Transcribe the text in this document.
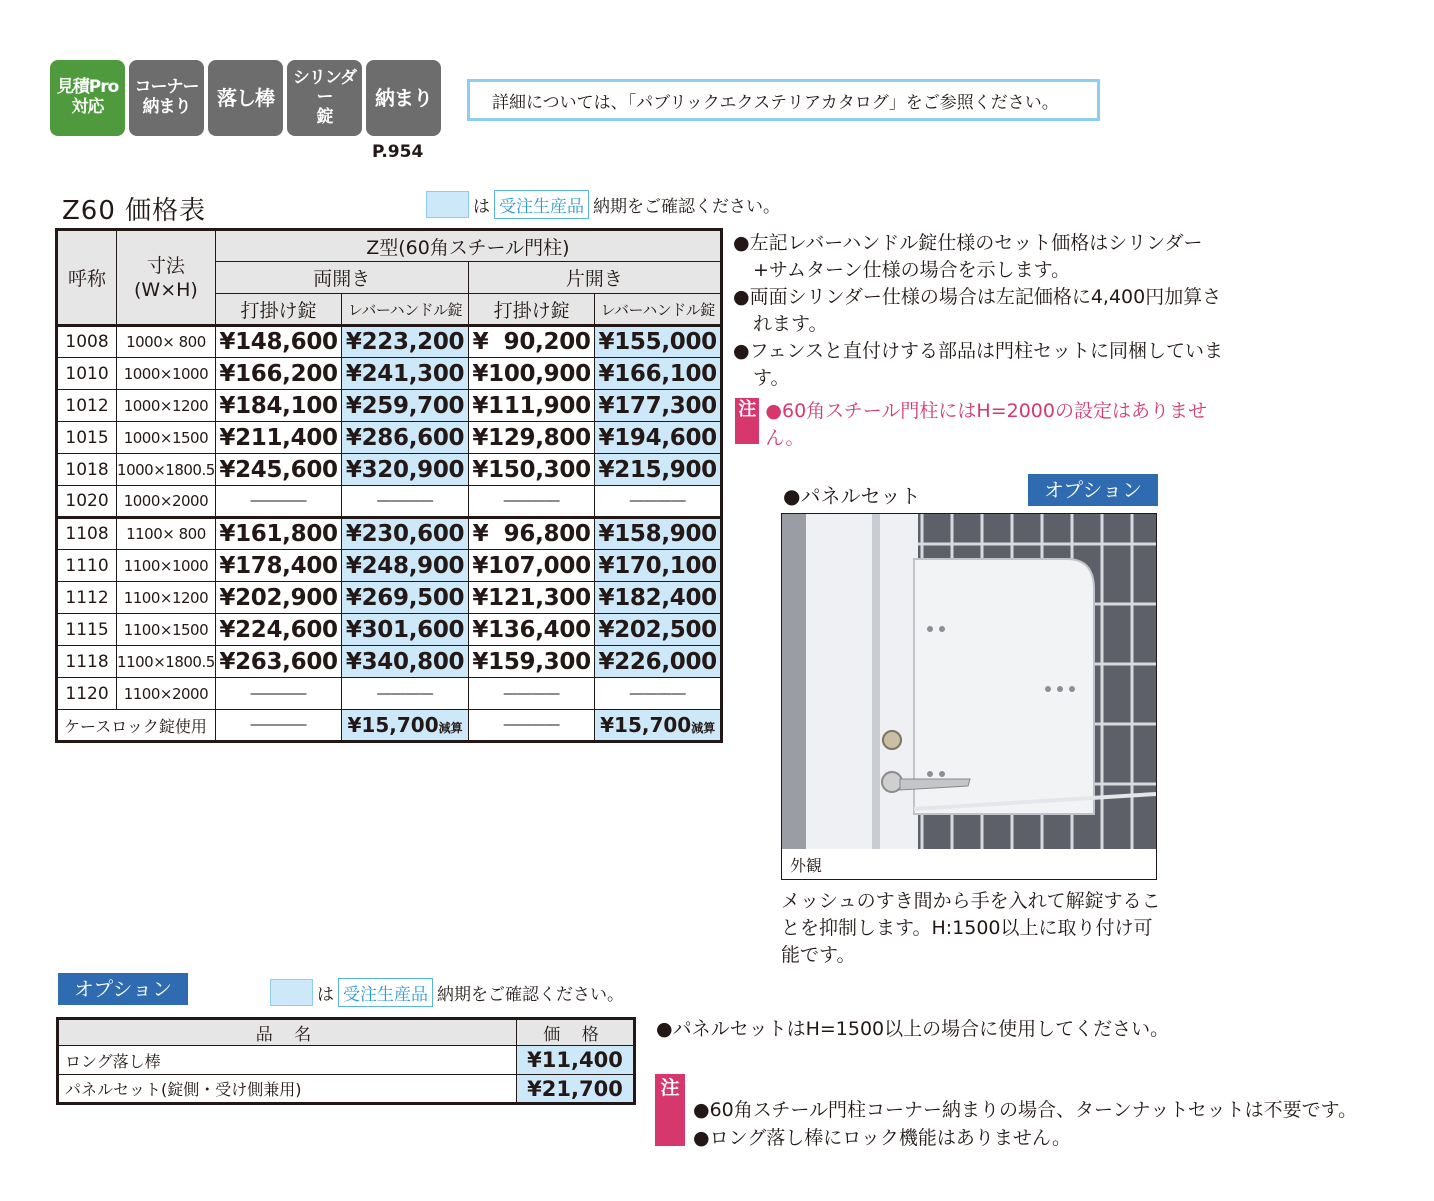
見積Pro
対応
コーナー
納まり	落し棒
シリンダー
錠
納まり
P.954
詳細については、「パブリックエクステリアカタログ」をご参照ください。
Z60 価格表	は 受注生産品 納期をご確認ください。
呼称	寸法
(W×H)	Z型(60角スチール門柱)			
		両開き		片開き	
		打掛け錠	レバーハンドル錠	打掛け錠	レバーハンドル錠
1008	1000× 800	¥148,600	¥223,200	¥  90,200	¥155,000
1010	1000×1000	¥166,200	¥241,300	¥100,900	¥166,100
1012	1000×1200	¥184,100	¥259,700	¥111,900	¥177,300
1015	1000×1500	¥211,400	¥286,600	¥129,800	¥194,600
1018	1000×1800.5	¥245,600	¥320,900	¥150,300	¥215,900
1020	1000×2000	――――	――――	――――	――――
1108	1100× 800	¥161,800	¥230,600	¥  96,800	¥158,900
1110	1100×1000	¥178,400	¥248,900	¥107,000	¥170,100
1112	1100×1200	¥202,900	¥269,500	¥121,300	¥182,400
1115	1100×1500	¥224,600	¥301,600	¥136,400	¥202,500
1118	1100×1800.5	¥263,600	¥340,800	¥159,300	¥226,000
1120	1100×2000	――――	――――	――――	――――
ケースロック錠使用		――――	¥15,700減算	――――	¥15,700減算

●左記レバーハンドル錠仕様のセット価格はシリンダー+サムターン仕様の場合を示します。

●両面シリンダー仕様の場合は左記価格に4,400円加算されます。

●フェンスと直付けする部品は門柱セットに同梱しています。

注 ●60角スチール門柱にはH=2000の設定はありません。
●パネルセット	オプション
外観
メッシュのすき間から手を入れて解錠することを抑制します。H:1500以上に取り付け可能です。
オプション	は 受注生産品 納期をご確認ください。
品 名	価 格
ロング落し棒	¥11,400
パネルセット(錠側・受け側兼用)	¥21,700
●パネルセットはH=1500以上の場合に使用してください。
注
●60角スチール門柱コーナー納まりの場合、ターンナットセットは不要です。
●ロング落し棒にロック機能はありません。
